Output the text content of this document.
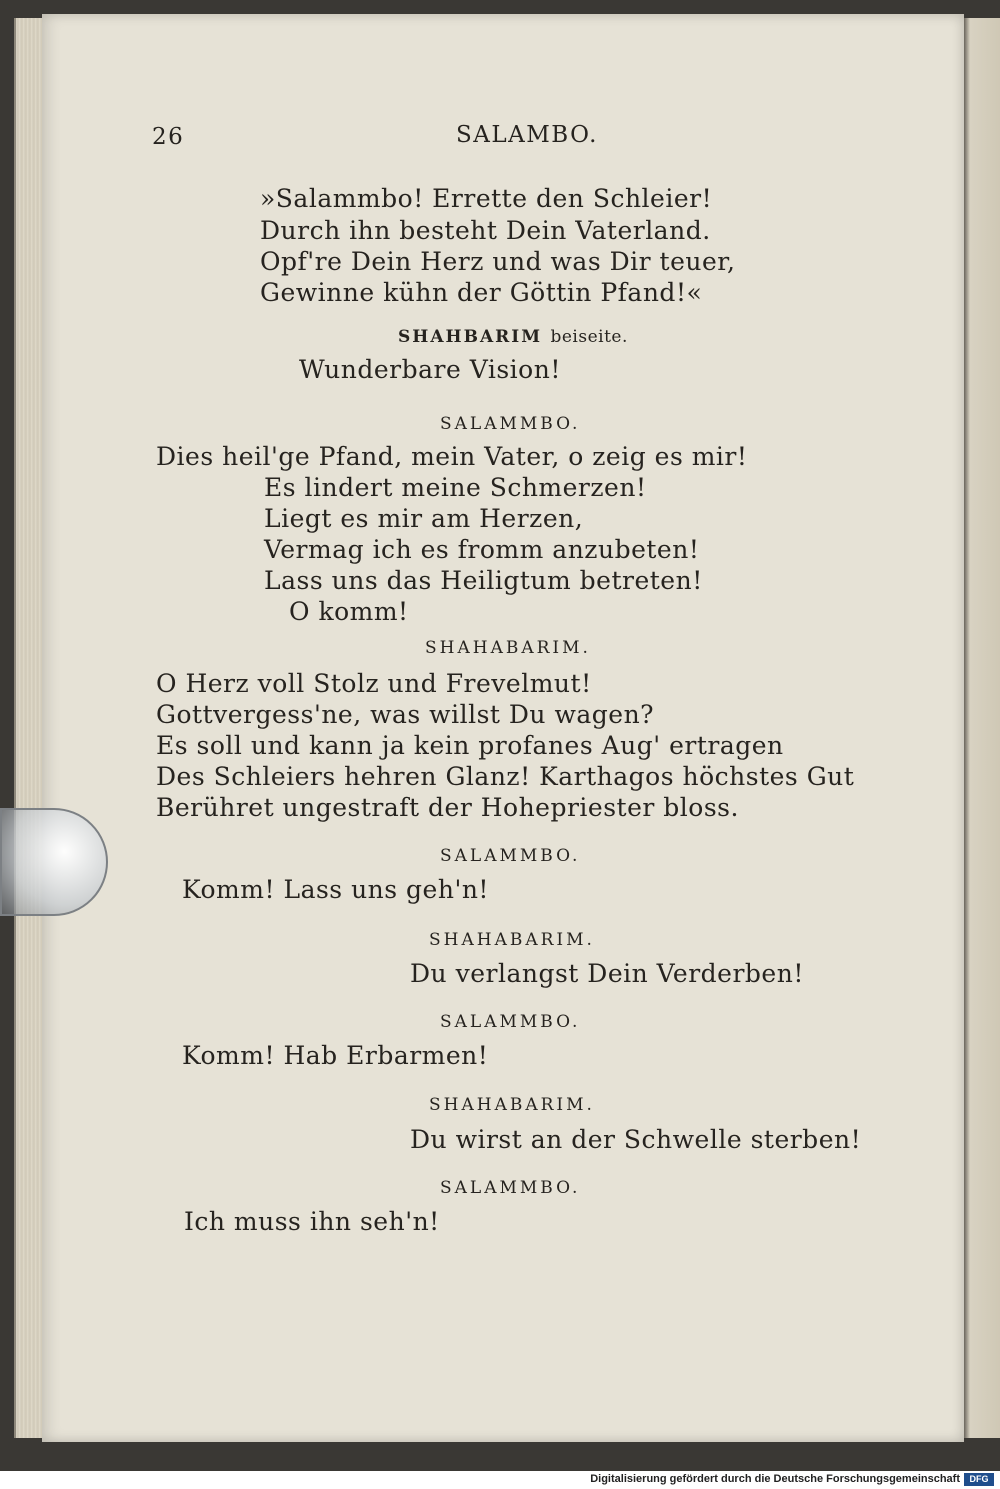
26	SALAMBO.
»Salammbo! Errette den Schleier!
Durch ihn besteht Dein Vaterland.
Opf're Dein Herz und was Dir teuer,
Gewinne kühn der Göttin Pfand!«
SHAHBARIM beiseite.
Wunderbare Vision!
SALAMMBO.
Dies heil'ge Pfand, mein Vater, o zeig es mir!
Es lindert meine Schmerzen!
Liegt es mir am Herzen,
Vermag ich es fromm anzubeten!
Lass uns das Heiligtum betreten!
O komm!
SHAHABARIM.
O Herz voll Stolz und Frevelmut!
Gottvergess'ne, was willst Du wagen?
Es soll und kann ja kein profanes Aug' ertragen
Des Schleiers hehren Glanz! Karthagos höchstes Gut
Berühret ungestraft der Hohepriester bloss.
SALAMMBO.
Komm! Lass uns geh'n!
SHAHABARIM.
Du verlangst Dein Verderben!
SALAMMBO.
Komm! Hab Erbarmen!
SHAHABARIM.
Du wirst an der Schwelle sterben!
SALAMMBO.
Ich muss ihn seh'n!
Digitalisierung gefördert durch die Deutsche Forschungsgemeinschaft	DFG
